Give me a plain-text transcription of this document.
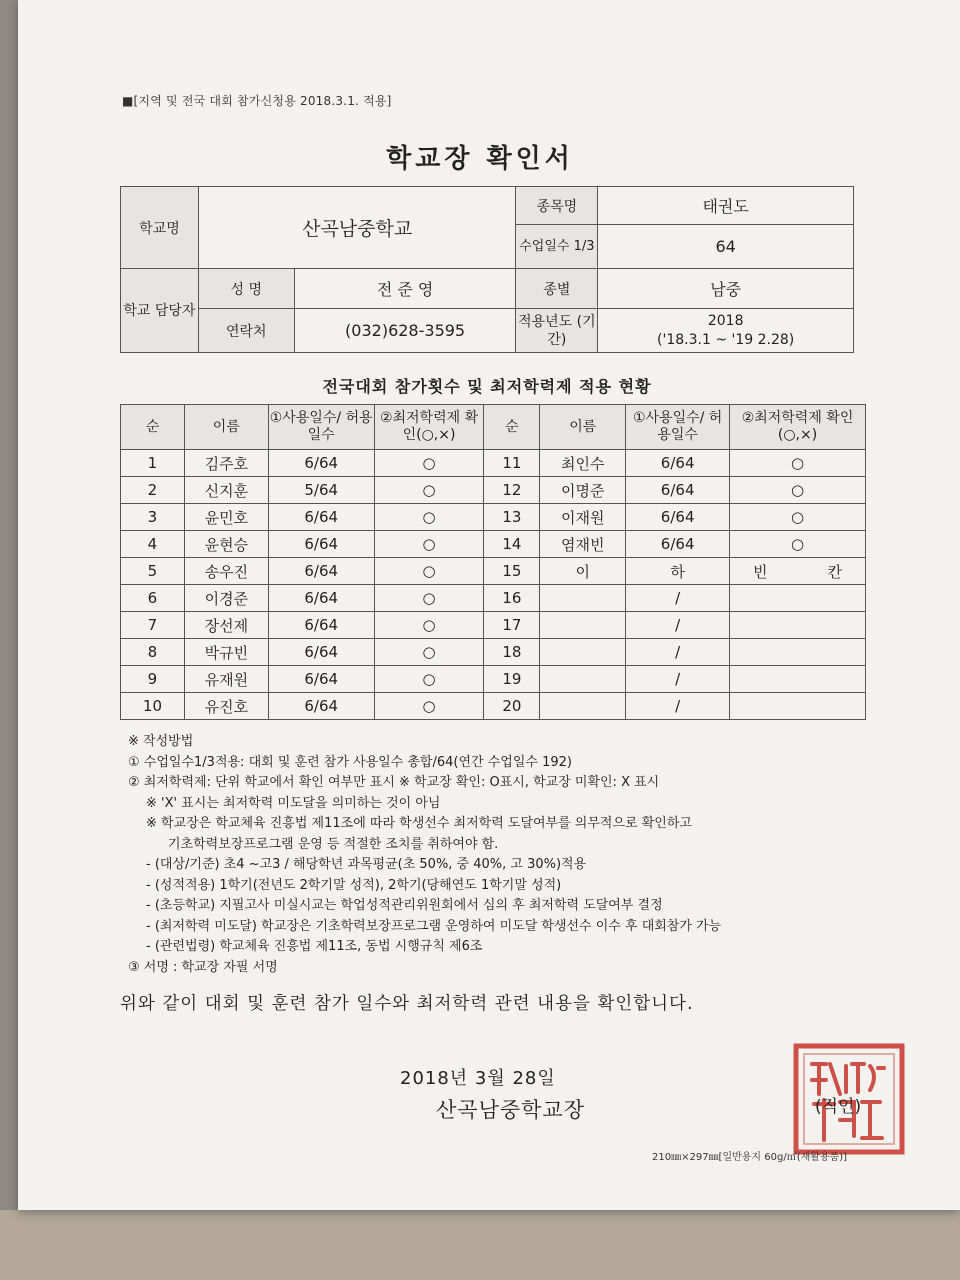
■[지역 및 전국 대회 참가신청용 2018.3.1. 적용]
학교장 확인서
학교명	산곡남중학교		종목명	태권도
			수업일수 1/3	64
학교 담당자	성 명	전 준 영	종별	남중
	연락처	(032)628-3595	적용년도 (기간)	2018
('18.3.1 ~ '19 2.28)
전국대회 참가횟수 및 최저학력제 적용 현황
순	이름	①사용일수/ 허용일수	②최저학력제 확인(○,×)	순	이름	①사용일수/ 허용일수	②최저학력제 확인(○,×)
1	김주호	6/64	○	11	최인수	6/64	○
2	신지훈	5/64	○	12	이명준	6/64	○
3	윤민호	6/64	○	13	이재원	6/64	○
4	윤현승	6/64	○	14	염재빈	6/64	○
5	송우진	6/64	○	15	이	하	빈 칸
6	이경준	6/64	○	16		/	
7	장선제	6/64	○	17		/	
8	박규빈	6/64	○	18		/	
9	유재원	6/64	○	19		/	
10	유진호	6/64	○	20		/	
※ 작성방법
① 수업일수1/3적용: 대회 및 훈련 참가 사용일수 총합/64(연간 수업일수 192)
② 최저학력제: 단위 학교에서 확인 여부만 표시 ※ 학교장 확인: O표시, 학교장 미확인: X 표시
※ 'X' 표시는 최저학력 미도달을 의미하는 것이 아님
※ 학교장은 학교체육 진흥법 제11조에 따라 학생선수 최저학력 도달여부를 의무적으로 확인하고
기초학력보장프로그램 운영 등 적절한 조치를 취하여야 함.
- (대상/기준) 초4 ~고3 / 해당학년 과목평균(초 50%, 중 40%, 고 30%)적용
- (성적적용) 1학기(전년도 2학기말 성적), 2학기(당해연도 1학기말 성적)
- (초등학교) 지필고사 미실시교는 학업성적관리위원회에서 심의 후 최저학력 도달여부 결정
- (최저학력 미도달) 학교장은 기초학력보장프로그램 운영하여 미도달 학생선수 이수 후 대회참가 가능
- (관련법령) 학교체육 진흥법 제11조, 동법 시행규칙 제6조
③ 서명 : 학교장 자필 서명
위와 같이 대회 및 훈련 참가 일수와 최저학력 관련 내용을 확인합니다.
2018년 3월 28일
산곡남중학교장	(직인)
210㎜×297㎜[일반용지 60g/㎡(재활용품)]
